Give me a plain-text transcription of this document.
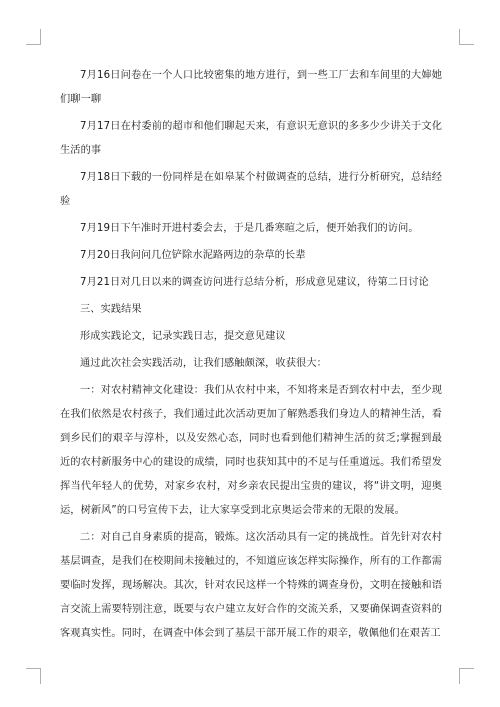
7月16日问卷在一个人口比较密集的地方进行，到一些工厂去和车间里的大婶她们聊一聊

7月17日在村委前的超市和他们聊起天来，有意识无意识的多多少少讲关于文化生活的事

7月18日下载的一份同样是在如皋某个村做调查的总结，进行分析研究，总结经验

7月19日下午准时开进村委会去，于是几番寒暄之后，便开始我们的访问。

7月20日我问问几位铲除水泥路两边的杂草的长辈

7月21日对几日以来的调查访问进行总结分析，形成意见建议，待第二日讨论

三、实践结果

形成实践论文，记录实践日志，提交意见建议

通过此次社会实践活动，让我们感触颇深，收获很大：

一：对农村精神文化建设：我们从农村中来，不知将来是否到农村中去，至少现在我们依然是农村孩子，我们通过此次活动更加了解熟悉我们身边人的精神生活，看到乡民们的艰辛与淳朴，以及安然心态，同时也看到他们精神生活的贫乏;掌握到最近的农村新服务中心的建设的成绩，同时也获知其中的不足与任重道远。我们希望发挥当代年轻人的优势，对家乡农村，对乡亲农民提出宝贵的建议，将“讲文明，迎奥运，树新风”的口号宣传下去，让大家享受到北京奥运会带来的无限的发展。

二：对自己自身素质的提高，锻炼。这次活动具有一定的挑战性。首先针对农村基层调查，是我们在校期间未接触过的，不知道应该怎样实际操作，所有的工作都需要临时发挥，现场解决。其次，针对农民这样一个特殊的调查身份，文明在接触和语言交流上需要特别注意，既要与农户建立友好合作的交流关系，又要确保调查资料的客观真实性。同时，在调查中体会到了基层干部开展工作的艰辛，敬佩他们在艰苦工
